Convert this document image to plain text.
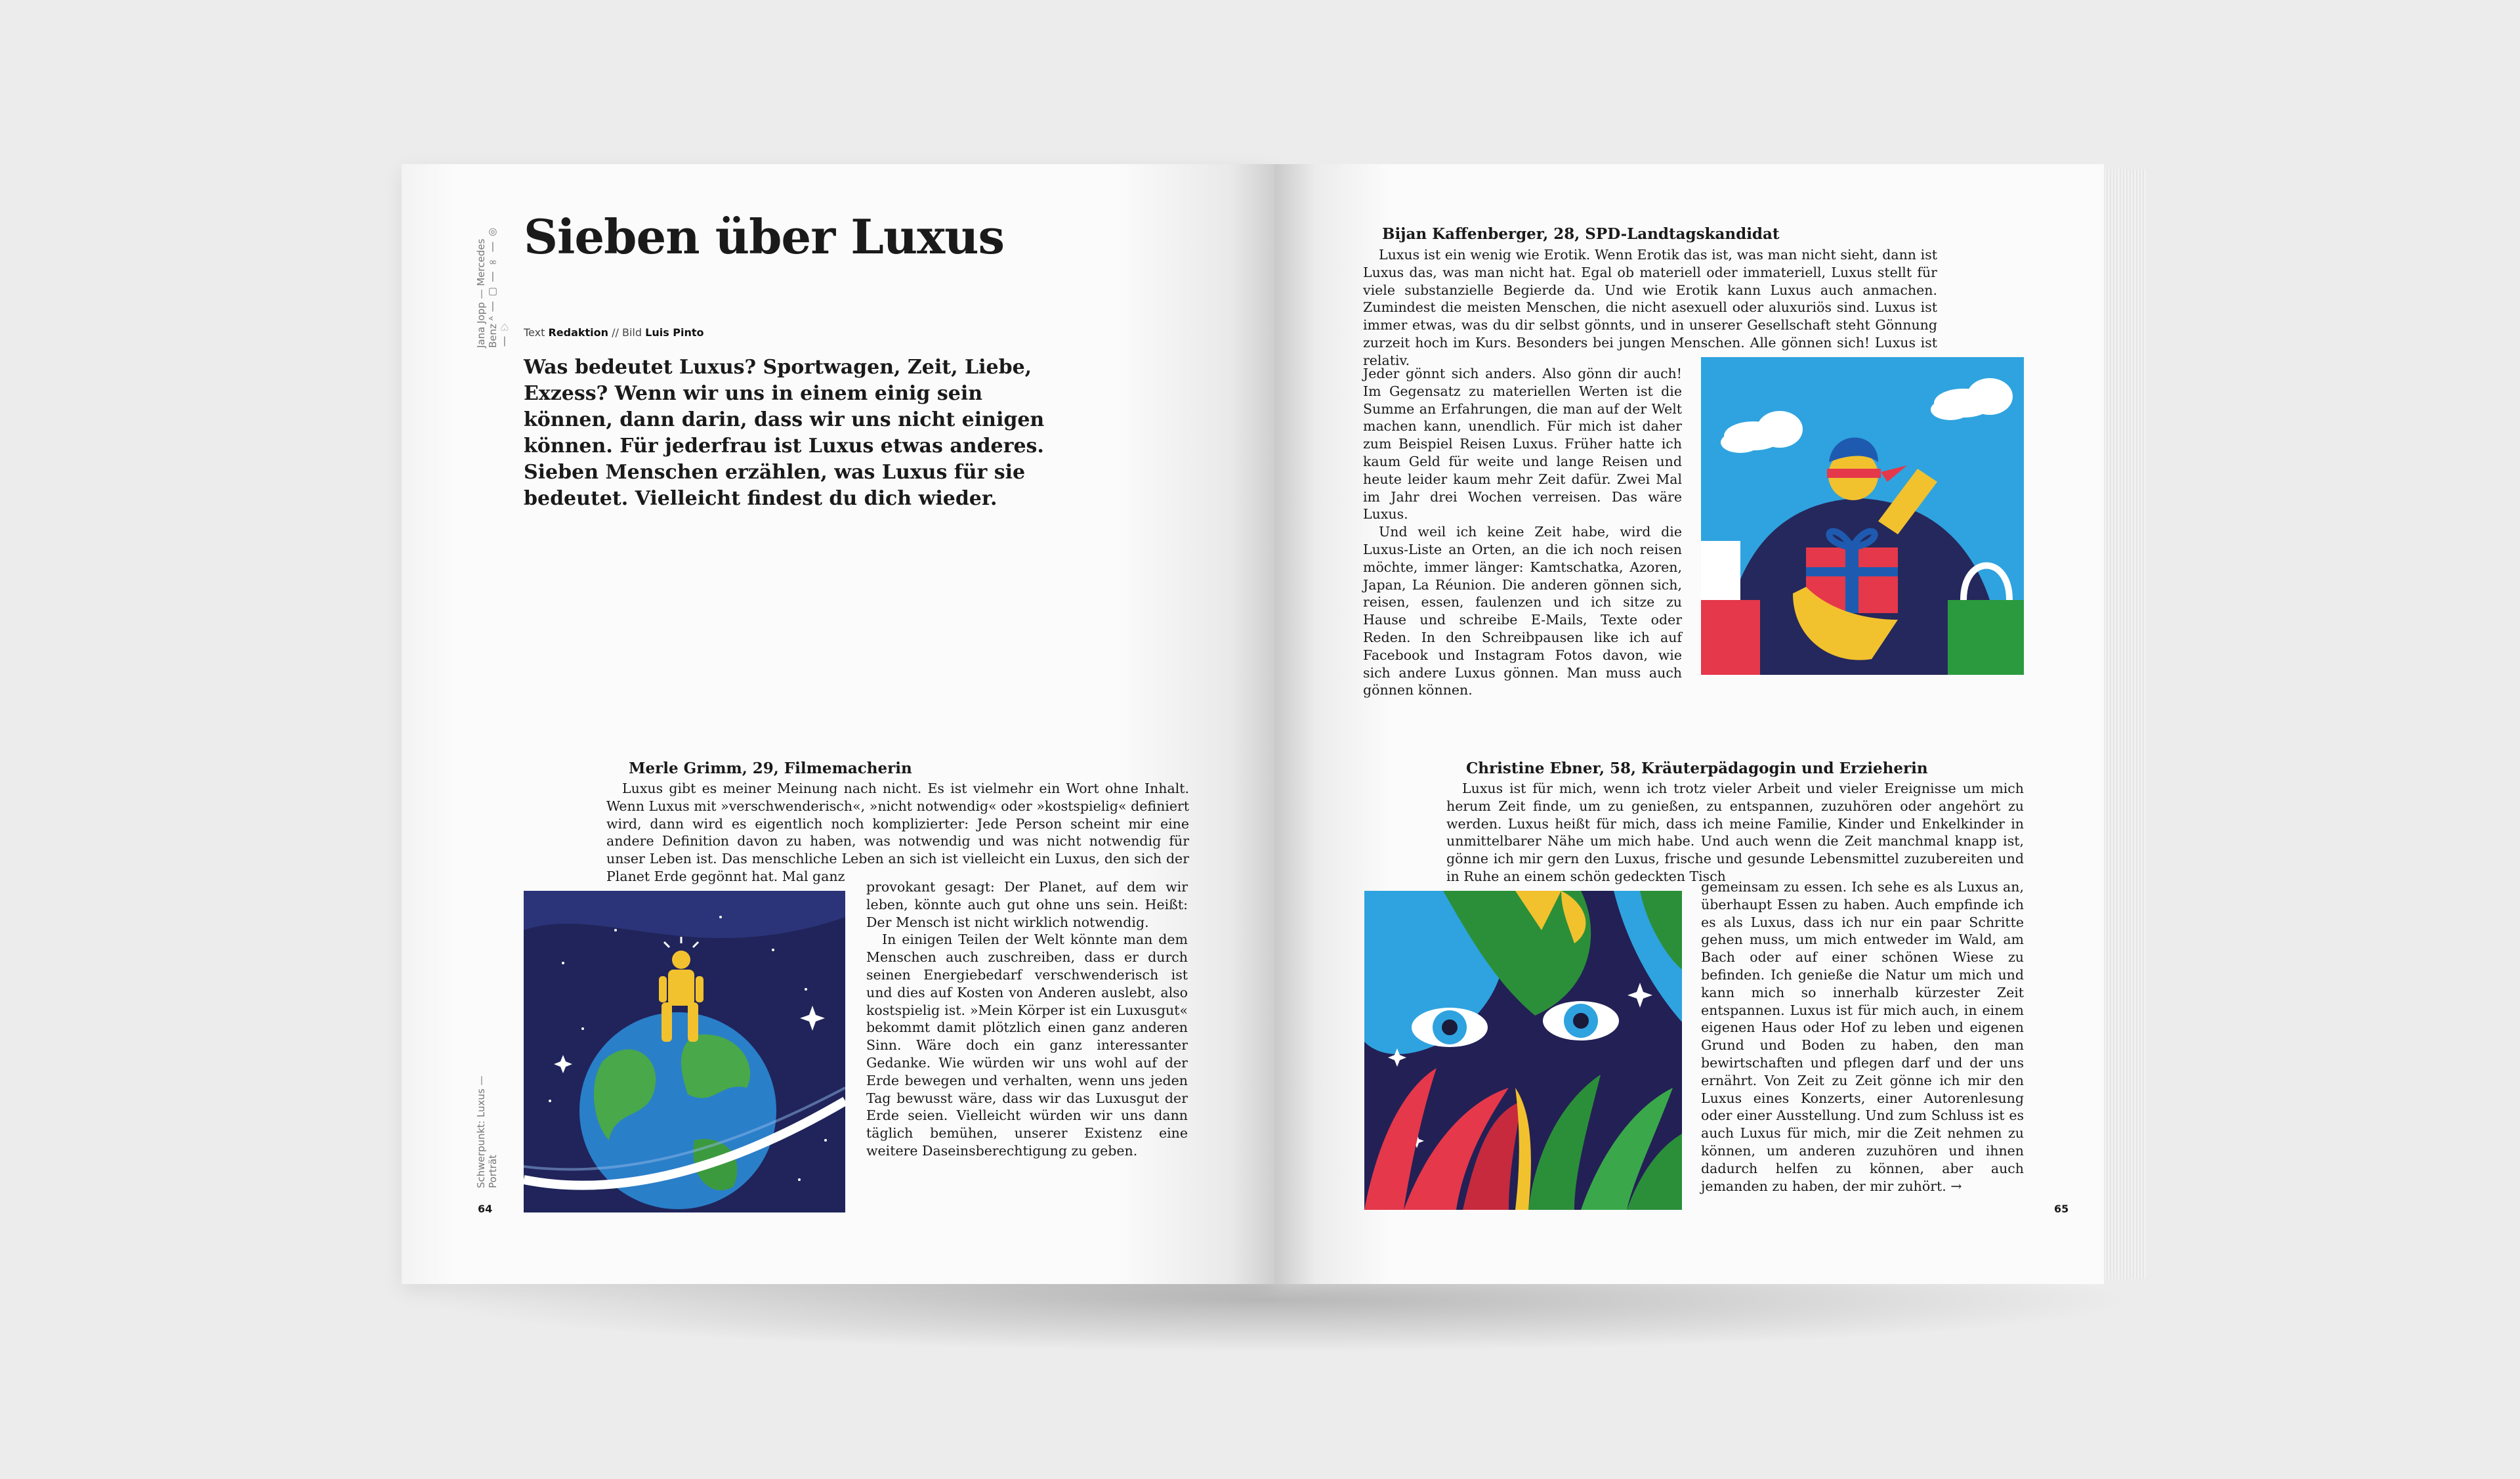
Jana Jopp — Mercedes Benz ᴬ ❘ ▢ ❘ ∞ ❘ ◎ ❘ ♡
Schwerpunkt: Luxus — Porträt
64
Sieben über Luxus
Text Redaktion // Bild Luis Pinto

Was bedeutet Luxus? Sportwagen, Zeit, Liebe, Exzess? Wenn wir uns in einem einig sein können, dann darin, dass wir uns nicht einigen können. Für jederfrau ist Luxus etwas anderes. Sieben Menschen erzählen, was Luxus für sie bedeutet. Vielleicht findest du dich wieder.

Merle Grimm, 29, Filmemacherin

Luxus gibt es meiner Meinung nach nicht. Es ist vielmehr ein Wort ohne Inhalt. Wenn Luxus mit »verschwenderisch«, »nicht notwendig« oder »kostspielig« definiert wird, dann wird es eigentlich noch komplizierter: Jede Person scheint mir eine andere Definition davon zu haben, was notwendig und was nicht notwendig für unser Leben ist. Das menschliche Leben an sich ist vielleicht ein Luxus, den sich der Planet Erde gegönnt hat. Mal ganz

provokant gesagt: Der Planet, auf dem wir leben, könnte auch gut ohne uns sein. Heißt: Der Mensch ist nicht wirklich notwendig.

In einigen Teilen der Welt könnte man dem Menschen auch zuschreiben, dass er durch seinen Energiebedarf verschwenderisch ist und dies auf Kosten von Anderen auslebt, also kostspielig ist. »Mein Körper ist ein Luxusgut« bekommt damit plötzlich einen ganz anderen Sinn. Wäre doch ein ganz interessanter Gedanke. Wie würden wir uns wohl auf der Erde bewegen und verhalten, wenn uns jeden Tag bewusst wäre, dass wir das Luxusgut der Erde seien. Vielleicht würden wir uns dann täglich bemühen, unserer Existenz eine weitere Daseinsberechtigung zu geben.

Bijan Kaffenberger, 28, SPD-Landtagskandidat

Luxus ist ein wenig wie Erotik. Wenn Erotik das ist, was man nicht sieht, dann ist Luxus das, was man nicht hat. Egal ob materiell oder immateriell, Luxus stellt für viele substanzielle Begierde da. Und wie Erotik kann Luxus auch anmachen. Zumindest die meisten Menschen, die nicht asexuell oder aluxuriös sind. Luxus ist immer etwas, was du dir selbst gönnts, und in unserer Gesellschaft steht Gönnung zurzeit hoch im Kurs. Besonders bei jungen Menschen. Alle gönnen sich! Luxus ist relativ.

Jeder gönnt sich anders. Also gönn dir auch! Im Gegensatz zu materiellen Werten ist die Summe an Erfahrungen, die man auf der Welt machen kann, unendlich. Für mich ist daher zum Beispiel Reisen Luxus. Früher hatte ich kaum Geld für weite und lange Reisen und heute leider kaum mehr Zeit dafür. Zwei Mal im Jahr drei Wochen verreisen. Das wäre Luxus.

Und weil ich keine Zeit habe, wird die Luxus-Liste an Orten, an die ich noch reisen möchte, immer länger: Kamtschatka, Azoren, Japan, La Réunion. Die anderen gönnen sich, reisen, essen, faulenzen und ich sitze zu Hause und schreibe E-Mails, Texte oder Reden. In den Schreibpausen like ich auf Facebook und Instagram Fotos davon, wie sich andere Luxus gönnen. Man muss auch gönnen können.

Christine Ebner, 58, Kräuterpädagogin und Erzieherin

Luxus ist für mich, wenn ich trotz vieler Arbeit und vieler Ereignisse um mich herum Zeit finde, um zu genießen, zu entspannen, zuzuhören oder angehört zu werden. Luxus heißt für mich, dass ich meine Familie, Kinder und Enkelkinder in unmittelbarer Nähe um mich habe. Und auch wenn die Zeit manchmal knapp ist, gönne ich mir gern den Luxus, frische und gesunde Lebensmittel zuzubereiten und in Ruhe an einem schön gedeckten Tisch

gemeinsam zu essen. Ich sehe es als Luxus an, überhaupt Essen zu haben. Auch empfinde ich es als Luxus, dass ich nur ein paar Schritte gehen muss, um mich entweder im Wald, am Bach oder auf einer schönen Wiese zu befinden. Ich genieße die Natur um mich und kann mich so innerhalb kürzester Zeit entspannen. Luxus ist für mich auch, in einem eigenen Haus oder Hof zu leben und eigenen Grund und Boden zu haben, den man bewirtschaften und pflegen darf und der uns ernährt. Von Zeit zu Zeit gönne ich mir den Luxus eines Konzerts, einer Autorenlesung oder einer Ausstellung. Und zum Schluss ist es auch Luxus für mich, mir die Zeit nehmen zu können, um anderen zuzuhören und ihnen dadurch helfen zu können, aber auch jemanden zu haben, der mir zuhört. →

65
